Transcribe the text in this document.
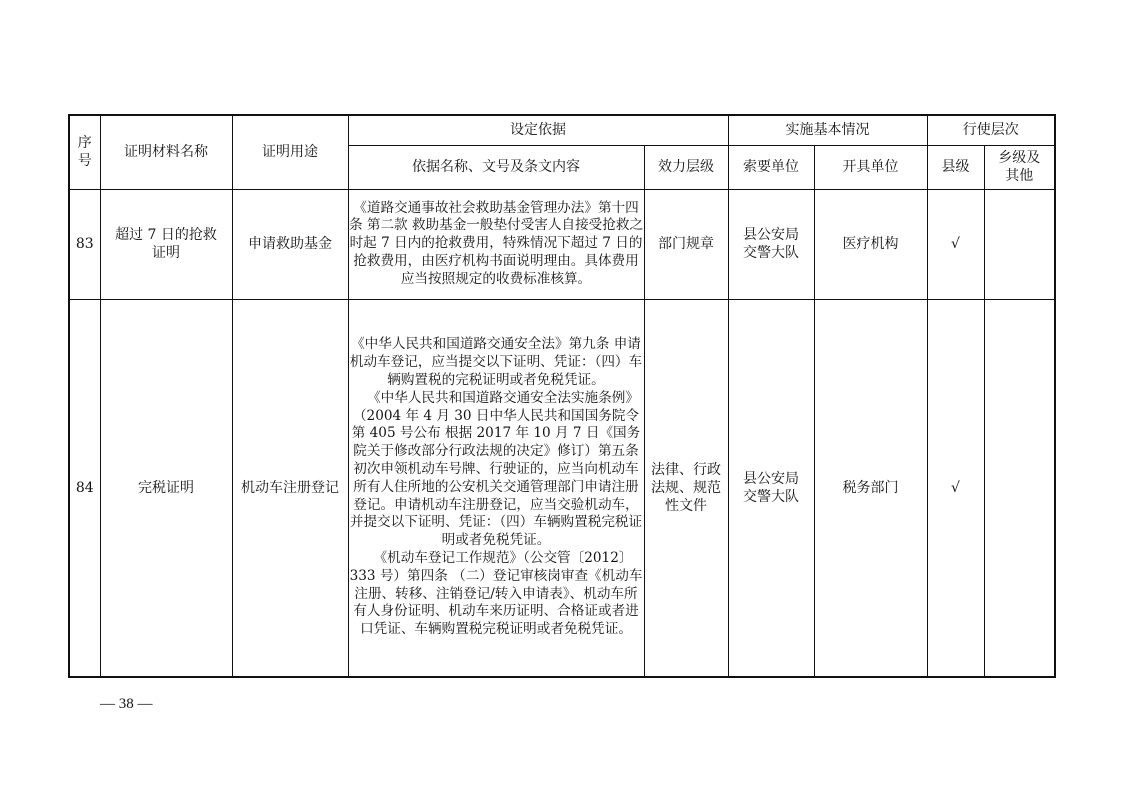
序
号	证明材料名称	证明用途	设定依据		实施基本情况		行使层次	
			依据名称、文号及条文内容	效力层级	索要单位	开具单位	县级	乡级及其他
83	超过 7 日的抢救证明	申请救助基金	《道路交通事故社会救助基金管理办法》第十四条 第二款 救助基金一般垫付受害人自接受抢救之时起 7 日内的抢救费用，特殊情况下超过 7 日的抢救费用，由医疗机构书面说明理由。具体费用应当按照规定的收费标准核算。	部门规章	县公安局交警大队	医疗机构	√	
84	完税证明	机动车注册登记	《中华人民共和国道路交通安全法》第九条 申请机动车登记，应当提交以下证明、凭证：（四）车辆购置税的完税证明或者免税凭证。

《中华人民共和国道路交通安全法实施条例》（2004 年 4 月 30 日中华人民共和国国务院令第 405 号公布 根据 2017 年 10 月 7 日《国务院关于修改部分行政法规的决定》修订）第五条 初次申领机动车号牌、行驶证的，应当向机动车所有人住所地的公安机关交通管理部门申请注册登记。申请机动车注册登记，应当交验机动车，并提交以下证明、凭证：（四）车辆购置税完税证明或者免税凭证。

《机动车登记工作规范》（公交管〔2012〕333 号）第四条 （二）登记审核岗审查《机动车注册、转移、注销登记/转入申请表》、机动车所有人身份证明、机动车来历证明、合格证或者进口凭证、车辆购置税完税证明或者免税凭证。	法律、行政法规、规范性文件	县公安局交警大队	税务部门	√	
— 38 —
